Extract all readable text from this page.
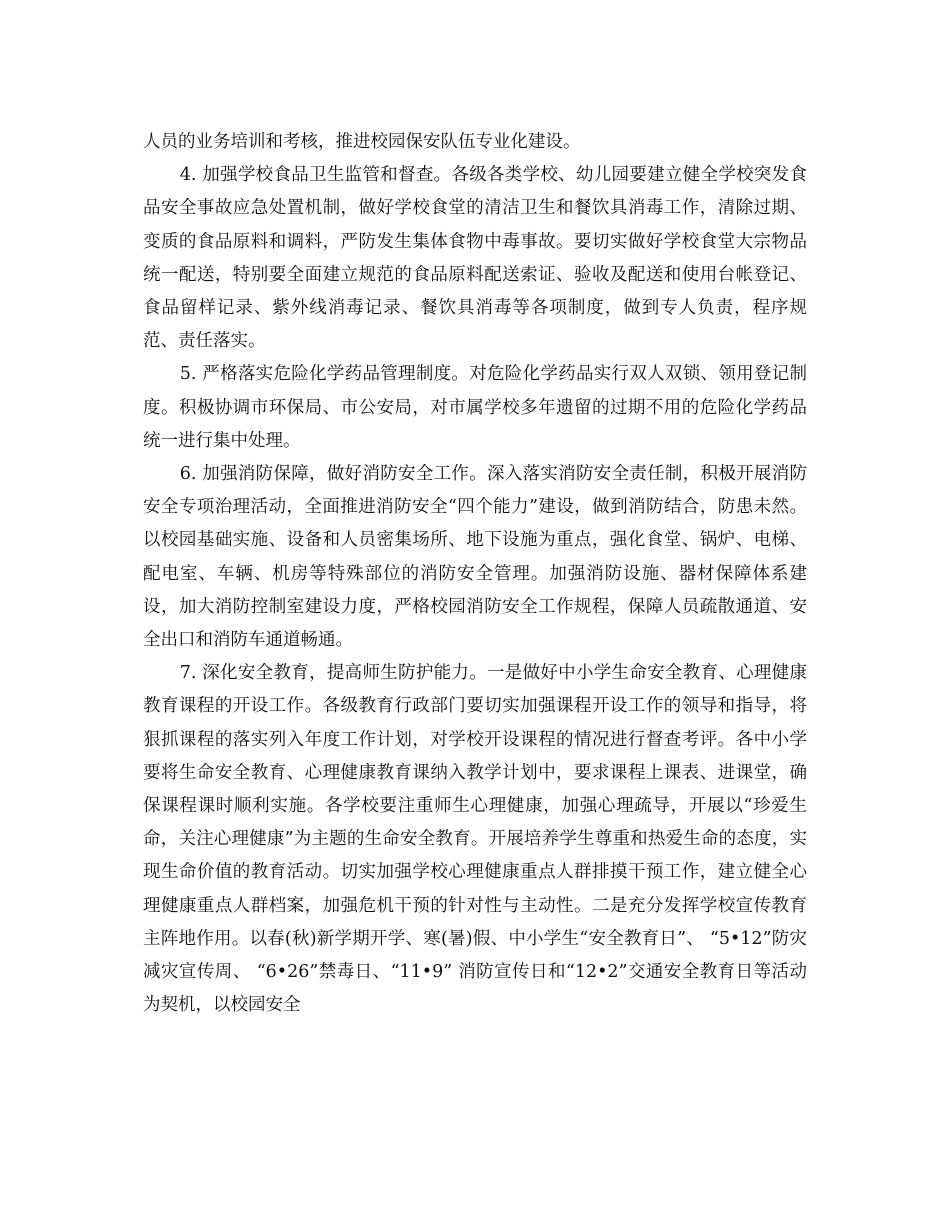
人员的业务培训和考核，推进校园保安队伍专业化建设。

4. 加强学校食品卫生监管和督查。各级各类学校、幼儿园要建立健全学校突发食品安全事故应急处置机制，做好学校食堂的清洁卫生和餐饮具消毒工作，清除过期、变质的食品原料和调料，严防发生集体食物中毒事故。要切实做好学校食堂大宗物品统一配送，特别要全面建立规范的食品原料配送索证、验收及配送和使用台帐登记、食品留样记录、紫外线消毒记录、餐饮具消毒等各项制度，做到专人负责，程序规范、责任落实。

5. 严格落实危险化学药品管理制度。对危险化学药品实行双人双锁、领用登记制度。积极协调市环保局、市公安局，对市属学校多年遗留的过期不用的危险化学药品统一进行集中处理。

6. 加强消防保障，做好消防安全工作。深入落实消防安全责任制，积极开展消防安全专项治理活动，全面推进消防安全“四个能力”建设，做到消防结合，防患未然。以校园基础实施、设备和人员密集场所、地下设施为重点，强化食堂、锅炉、电梯、配电室、车辆、机房等特殊部位的消防安全管理。加强消防设施、器材保障体系建设，加大消防控制室建设力度，严格校园消防安全工作规程，保障人员疏散通道、安全出口和消防车通道畅通。

7. 深化安全教育，提高师生防护能力。一是做好中小学生命安全教育、心理健康教育课程的开设工作。各级教育行政部门要切实加强课程开设工作的领导和指导，将狠抓课程的落实列入年度工作计划，对学校开设课程的情况进行督查考评。各中小学要将生命安全教育、心理健康教育课纳入教学计划中，要求课程上课表、进课堂，确保课程课时顺利实施。各学校要注重师生心理健康，加强心理疏导，开展以“珍爱生命，关注心理健康”为主题的生命安全教育。开展培养学生尊重和热爱生命的态度，实现生命价值的教育活动。切实加强学校心理健康重点人群排摸干预工作，建立健全心理健康重点人群档案，加强危机干预的针对性与主动性。二是充分发挥学校宣传教育主阵地作用。以春(秋)新学期开学、寒(暑)假、中小学生“安全教育日”、 “5•12”防灾减灾宣传周、 “6•26”禁毒日、“11•9” 消防宣传日和“12•2”交通安全教育日等活动为契机，以校园安全
